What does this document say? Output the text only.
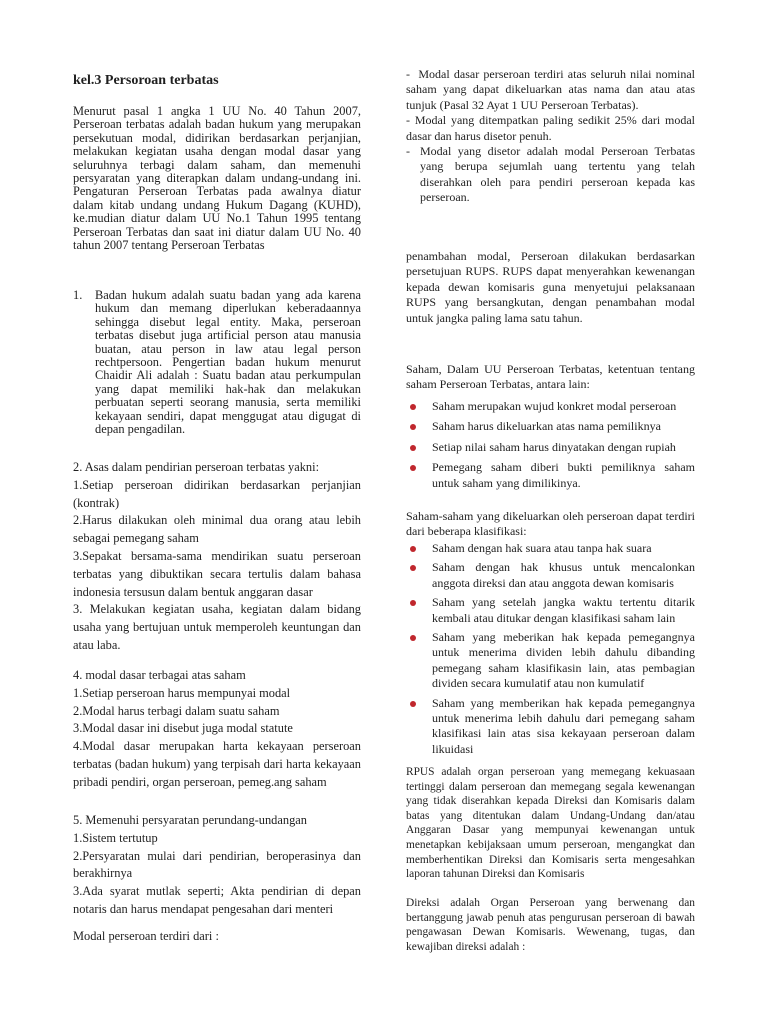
kel.3 Persoroan terbatas
Menurut pasal 1 angka 1 UU No. 40 Tahun 2007, Perseroan terbatas adalah badan hukum yang merupakan persekutuan modal, didirikan berdasarkan perjanjian, melakukan kegiatan usaha dengan modal dasar yang seluruhnya terbagi dalam saham, dan memenuhi persyaratan yang diterapkan dalam undang-undang ini. Pengaturan Perseroan Terbatas pada awalnya diatur dalam kitab undang undang Hukum Dagang (KUHD), ke.mudian diatur dalam UU No.1 Tahun 1995 tentang Perseroan Terbatas dan saat ini diatur dalam UU No. 40 tahun 2007 tentang Perseroan Terbatas
1.	Badan hukum adalah suatu badan yang ada karena hukum dan memang diperlukan keberadaannya sehingga disebut legal entity. Maka, perseroan terbatas disebut juga artificial person atau manusia buatan, atau person in law atau legal person rechtpersoon. Pengertian badan hukum menurut Chaidir Ali adalah : Suatu badan atau perkumpulan yang dapat memiliki hak-hak dan melakukan perbuatan seperti seorang manusia, serta memiliki kekayaan sendiri, dapat menggugat atau digugat di depan pengadilan.
2. Asas dalam pendirian perseroan terbatas yakni:
1.Setiap perseroan didirikan berdasarkan perjanjian (kontrak)
2.Harus dilakukan oleh minimal dua orang atau lebih sebagai pemegang saham
3.Sepakat bersama-sama mendirikan suatu perseroan terbatas yang dibuktikan secara tertulis dalam bahasa indonesia tersusun dalam bentuk anggaran dasar
3. Melakukan kegiatan usaha, kegiatan dalam bidang usaha yang bertujuan untuk memperoleh keuntungan dan atau laba.
4. modal dasar terbagai atas saham
1.Setiap perseroan harus mempunyai modal
2.Modal harus terbagi dalam suatu saham
3.Modal dasar ini disebut juga modal statute
4.Modal dasar merupakan harta kekayaan perseroan terbatas (badan hukum) yang terpisah dari harta kekayaan pribadi pendiri, organ perseroan, pemeg.ang saham
5. Memenuhi persyaratan perundang-undangan
1.Sistem tertutup
2.Persyaratan mulai dari pendirian, beroperasinya dan berakhirnya
3.Ada syarat mutlak seperti; Akta pendirian di depan notaris dan harus mendapat pengesahan dari menteri
Modal perseroan terdiri dari :
- Modal dasar perseroan terdiri atas seluruh nilai nominal saham yang dapat dikeluarkan atas nama dan atau atas tunjuk (Pasal 32 Ayat 1 UU Perseroan Terbatas).
- Modal yang ditempatkan paling sedikit 25% dari modal dasar dan harus disetor penuh.
- Modal yang disetor adalah modal Perseroan Terbatas yang berupa sejumlah uang tertentu yang telah diserahkan oleh para pendiri perseroan kepada kas perseroan.
penambahan modal, Perseroan dilakukan berdasarkan persetujuan RUPS. RUPS dapat menyerahkan kewenangan kepada dewan komisaris guna menyetujui pelaksanaan RUPS yang bersangkutan, dengan penambahan modal untuk jangka paling lama satu tahun.
Saham, Dalam UU Perseroan Terbatas, ketentuan tentang saham Perseroan Terbatas, antara lain:
Saham merupakan wujud konkret modal perseroan
Saham harus dikeluarkan atas nama pemiliknya
Setiap nilai saham harus dinyatakan dengan rupiah
Pemegang saham diberi bukti pemiliknya saham untuk saham yang dimilikinya.
Saham-saham yang dikeluarkan oleh perseroan dapat terdiri dari beberapa klasifikasi:
Saham dengan hak suara atau tanpa hak suara
Saham dengan hak khusus untuk mencalonkan anggota direksi dan atau anggota dewan komisaris
Saham yang setelah jangka waktu tertentu ditarik kembali atau ditukar dengan klasifikasi saham lain
Saham yang meberikan hak kepada pemegangnya untuk menerima dividen lebih dahulu dibanding pemegang saham klasifikasin lain, atas pembagian dividen secara kumulatif atau non kumulatif
Saham yang memberikan hak kepada pemegangnya untuk menerima lebih dahulu dari pemegang saham klasifikasi lain atas sisa kekayaan perseroan dalam likuidasi
RPUS adalah organ perseroan yang memegang kekuasaan tertinggi dalam perseroan dan memegang segala kewenangan yang tidak diserahkan kepada Direksi dan Komisaris dalam batas yang ditentukan dalam Undang-Undang dan/atau Anggaran Dasar yang mempunyai kewenangan untuk menetapkan kebijaksaan umum perseroan, mengangkat dan memberhentikan Direksi dan Komisaris serta mengesahkan laporan tahunan Direksi dan Komisaris
Direksi adalah Organ Perseroan yang berwenang dan bertanggung jawab penuh atas pengurusan perseroan di bawah pengawasan Dewan Komisaris. Wewenang, tugas, dan kewajiban direksi adalah :
